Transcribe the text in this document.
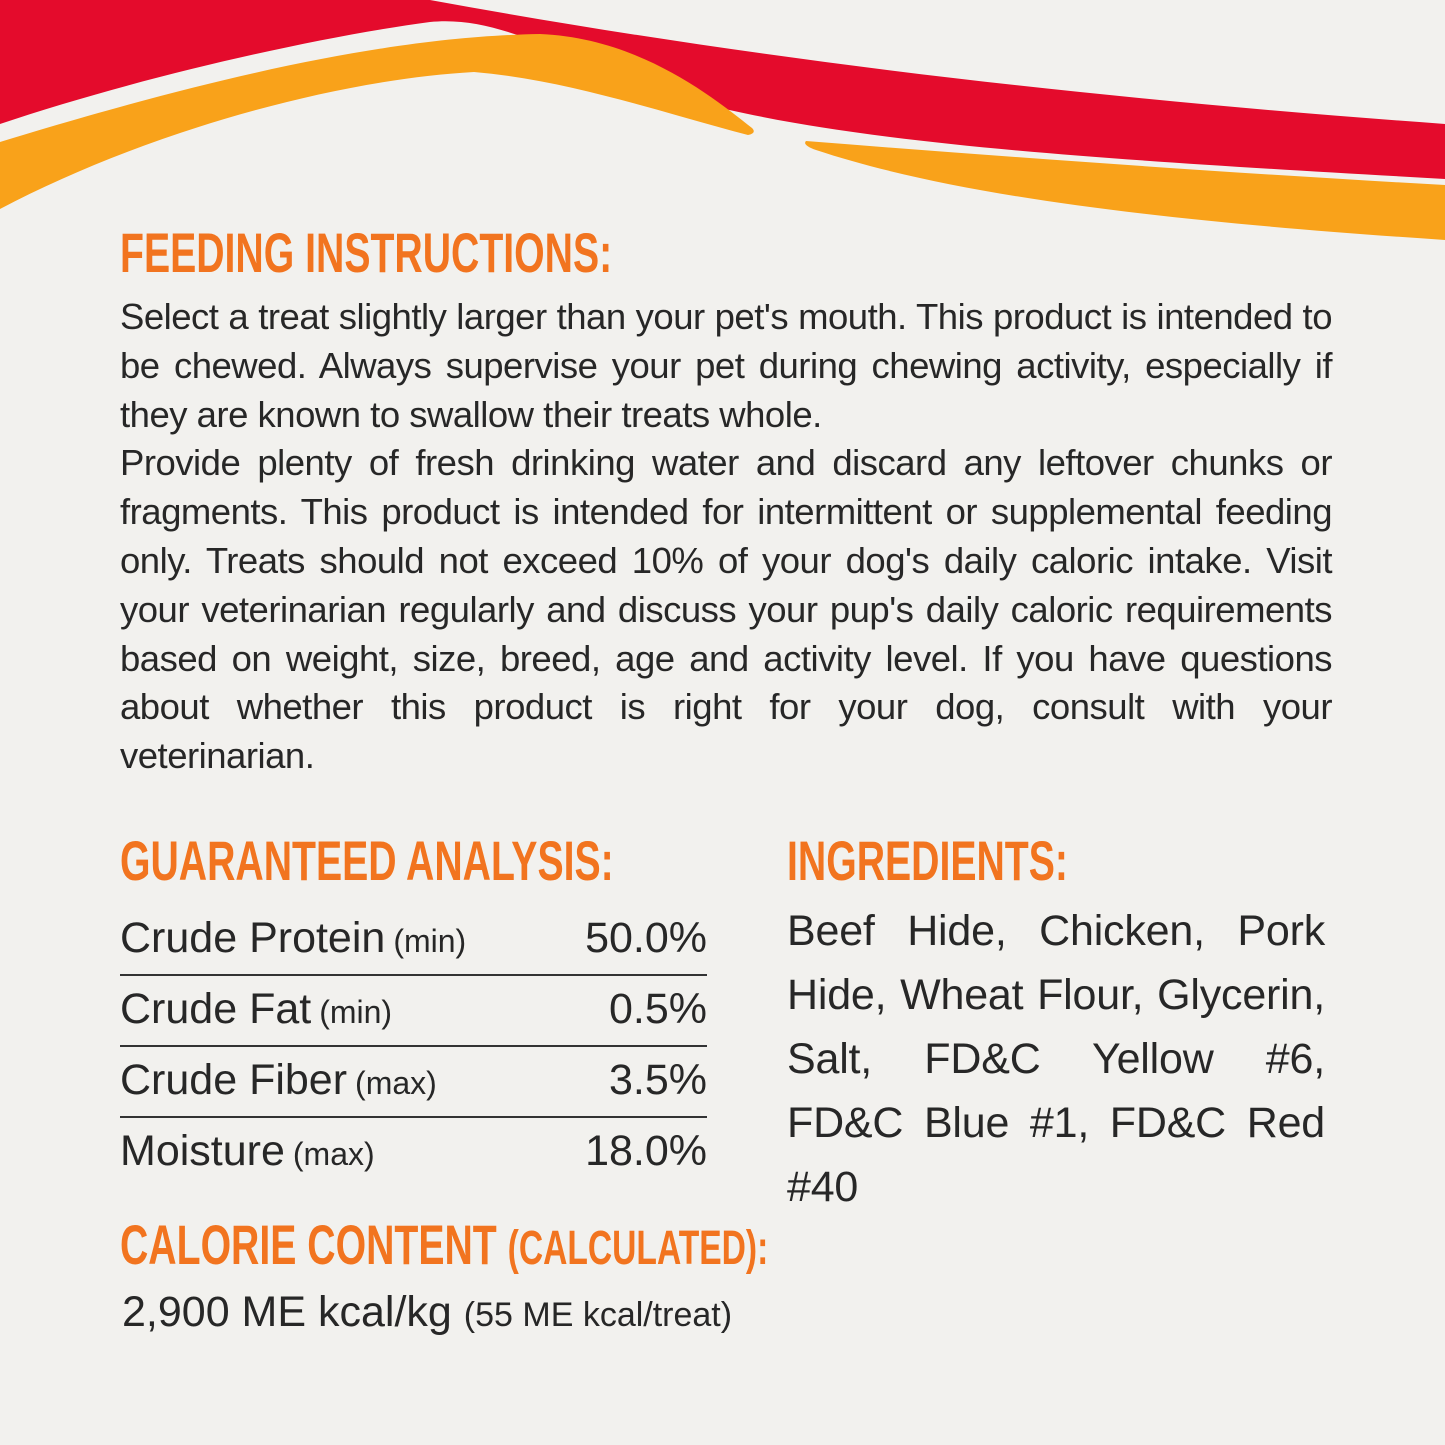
FEEDING INSTRUCTIONS:

Select a treat slightly larger than your pet's mouth. This product is intended to be chewed. Always supervise your pet during chewing activity, especially if they are known to swallow their treats whole.

Provide plenty of fresh drinking water and discard any leftover chunks or fragments. This product is intended for intermittent or supplemental feeding only. Treats should not exceed 10% of your dog's daily caloric intake. Visit your veterinarian regularly and discuss your pup's daily caloric requirements based on weight, size, breed, age and activity level. If you have questions about whether this product is right for your dog, consult with your veterinarian.

GUARANTEED ANALYSIS:
Crude Protein (min)	50.0%
Crude Fat (min)	0.5%
Crude Fiber (max)	3.5%
Moisture (max)	18.0%
CALORIE CONTENT (CALCULATED):

2,900 ME kcal/kg (55 ME kcal/treat)

INGREDIENTS:

Beef Hide, Chicken, Pork Hide, Wheat Flour, Glycerin, Salt, FD&C Yellow #6, FD&C Blue #1, FD&C Red #40
